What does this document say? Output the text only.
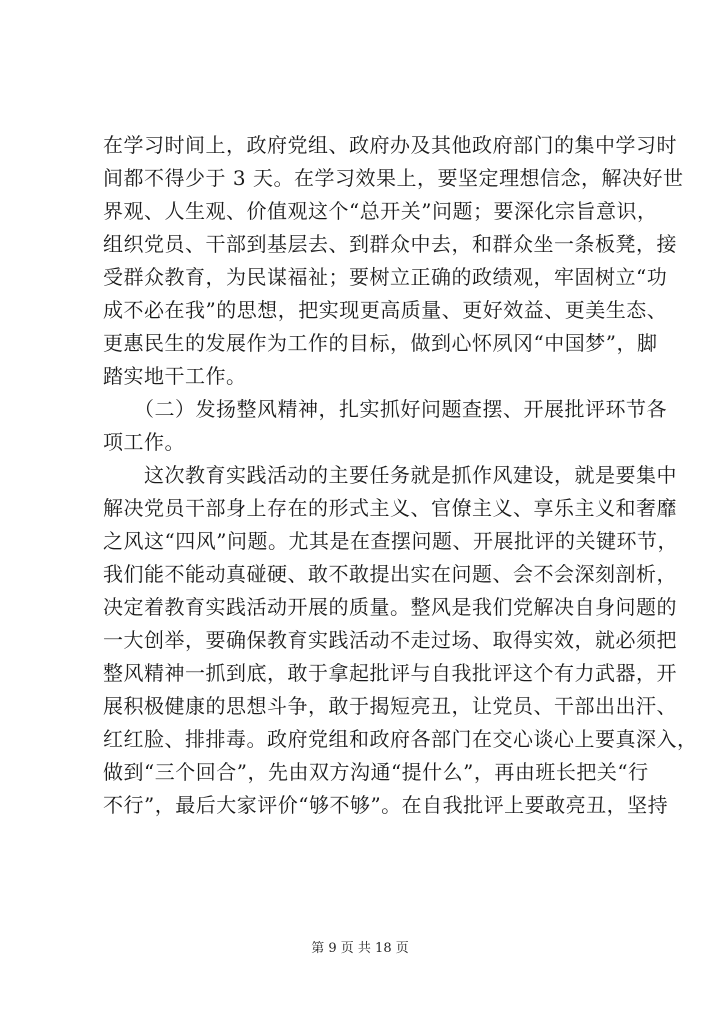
在学习时间上，政府党组、政府办及其他政府部门的集中学习时
间都不得少于 3 天。在学习效果上，要坚定理想信念，解决好世
界观、人生观、价值观这个“总开关”问题；要深化宗旨意识，
组织党员、干部到基层去、到群众中去，和群众坐一条板凳，接
受群众教育，为民谋福祉；要树立正确的政绩观，牢固树立“功
成不必在我”的思想，把实现更高质量、更好效益、更美生态、
更惠民生的发展作为工作的目标，做到心怀夙冈“中国梦”，脚
踏实地干工作。
　　（二）发扬整风精神，扎实抓好问题查摆、开展批评环节各
项工作。
　　这次教育实践活动的主要任务就是抓作风建设，就是要集中
解决党员干部身上存在的形式主义、官僚主义、享乐主义和奢靡
之风这“四风”问题。尤其是在查摆问题、开展批评的关键环节，
我们能不能动真碰硬、敢不敢提出实在问题、会不会深刻剖析，
决定着教育实践活动开展的质量。整风是我们党解决自身问题的
一大创举，要确保教育实践活动不走过场、取得实效，就必须把
整风精神一抓到底，敢于拿起批评与自我批评这个有力武器，开
展积极健康的思想斗争，敢于揭短亮丑，让党员、干部出出汗、
红红脸、排排毒。政府党组和政府各部门在交心谈心上要真深入，
做到“三个回合”，先由双方沟通“提什么”，再由班长把关“行
不行”，最后大家评价“够不够”。在自我批评上要敢亮丑，坚持
第 9 页 共 18 页
